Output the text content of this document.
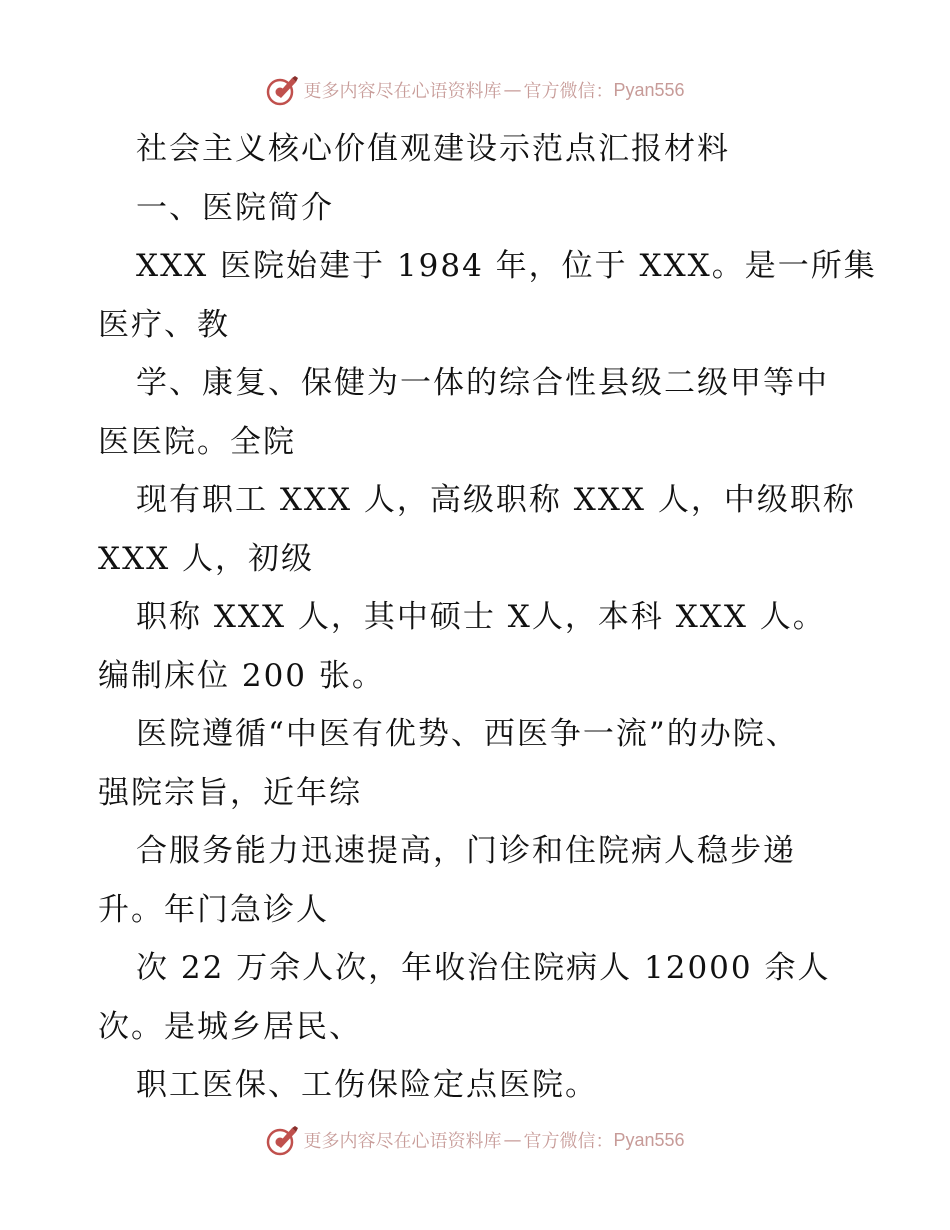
更多内容尽在心语资料库 — 官方微信： Pyan556
社会主义核心价值观建设示范点汇报材料
一、医院简介
XXX 医院始建于 1984 年，位于 XXX。是一所集
医疗、教
学、康复、保健为一体的综合性县级二级甲等中
医医院。全院
现有职工 XXX 人，高级职称 XXX 人，中级职称
XXX 人，初级
职称 XXX 人，其中硕士 X人，本科 XXX 人。
编制床位 200 张。
医院遵循“中医有优势、西医争一流”的办院、
强院宗旨，近年综
合服务能力迅速提高，门诊和住院病人稳步递
升。年门急诊人
次 22 万余人次，年收治住院病人 12000 余人
次。是城乡居民、
职工医保、工伤保险定点医院。
更多内容尽在心语资料库 — 官方微信： Pyan556
